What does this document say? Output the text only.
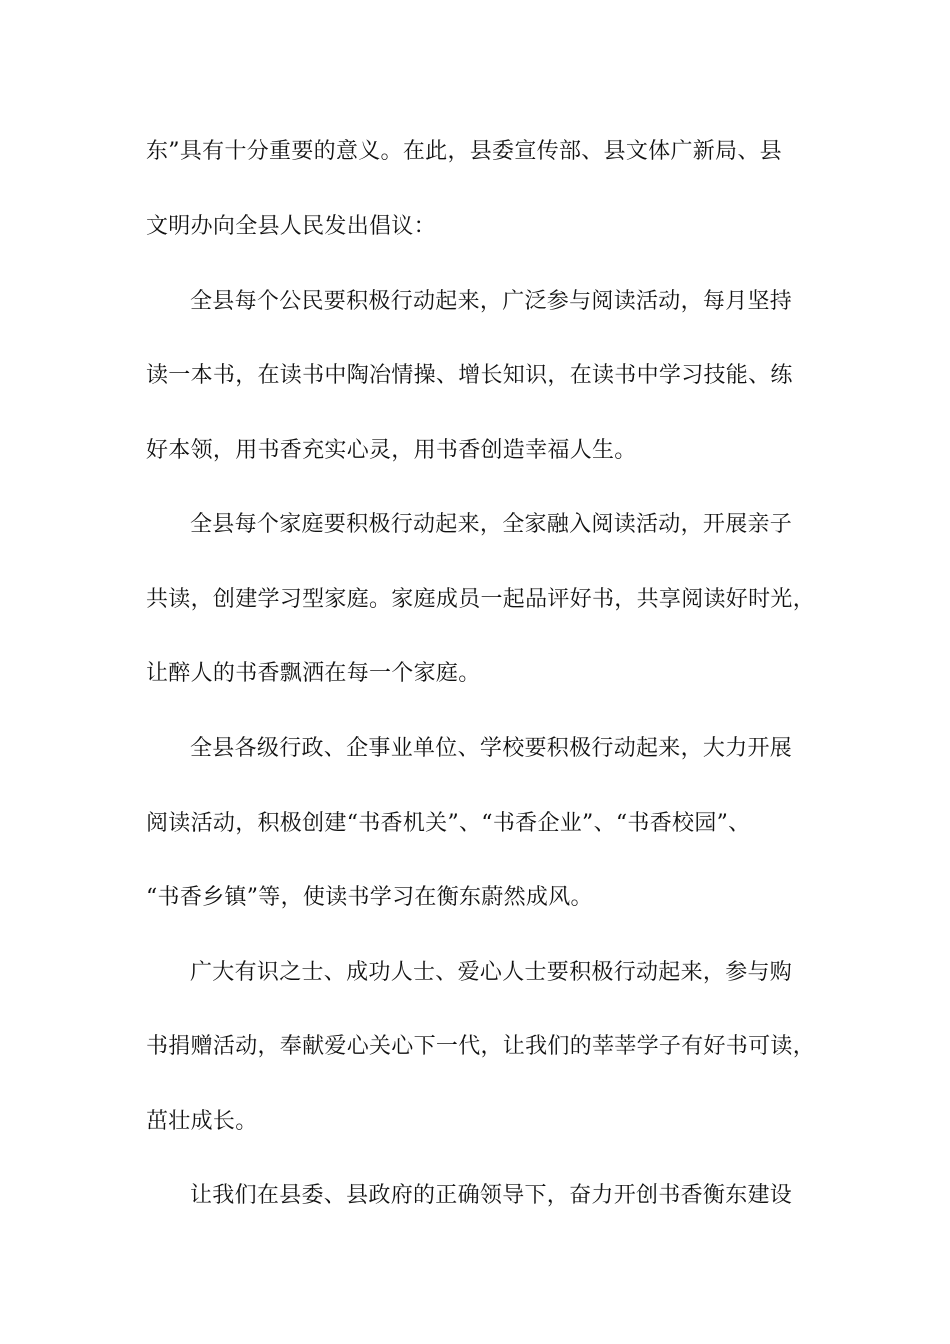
东”具有十分重要的意义。在此，县委宣传部、县文体广新局、县
文明办向全县人民发出倡议：
全县每个公民要积极行动起来，广泛参与阅读活动，每月坚持
读一本书，在读书中陶冶情操、增长知识，在读书中学习技能、练
好本领，用书香充实心灵，用书香创造幸福人生。
全县每个家庭要积极行动起来，全家融入阅读活动，开展亲子
共读，创建学习型家庭。家庭成员一起品评好书，共享阅读好时光，
让醉人的书香飘洒在每一个家庭。
全县各级行政、企事业单位、学校要积极行动起来，大力开展
阅读活动，积极创建“书香机关”、“书香企业”、“书香校园”、
“书香乡镇”等，使读书学习在衡东蔚然成风。
广大有识之士、成功人士、爱心人士要积极行动起来，参与购
书捐赠活动，奉献爱心关心下一代，让我们的莘莘学子有好书可读，
茁壮成长。
让我们在县委、县政府的正确领导下，奋力开创书香衡东建设
